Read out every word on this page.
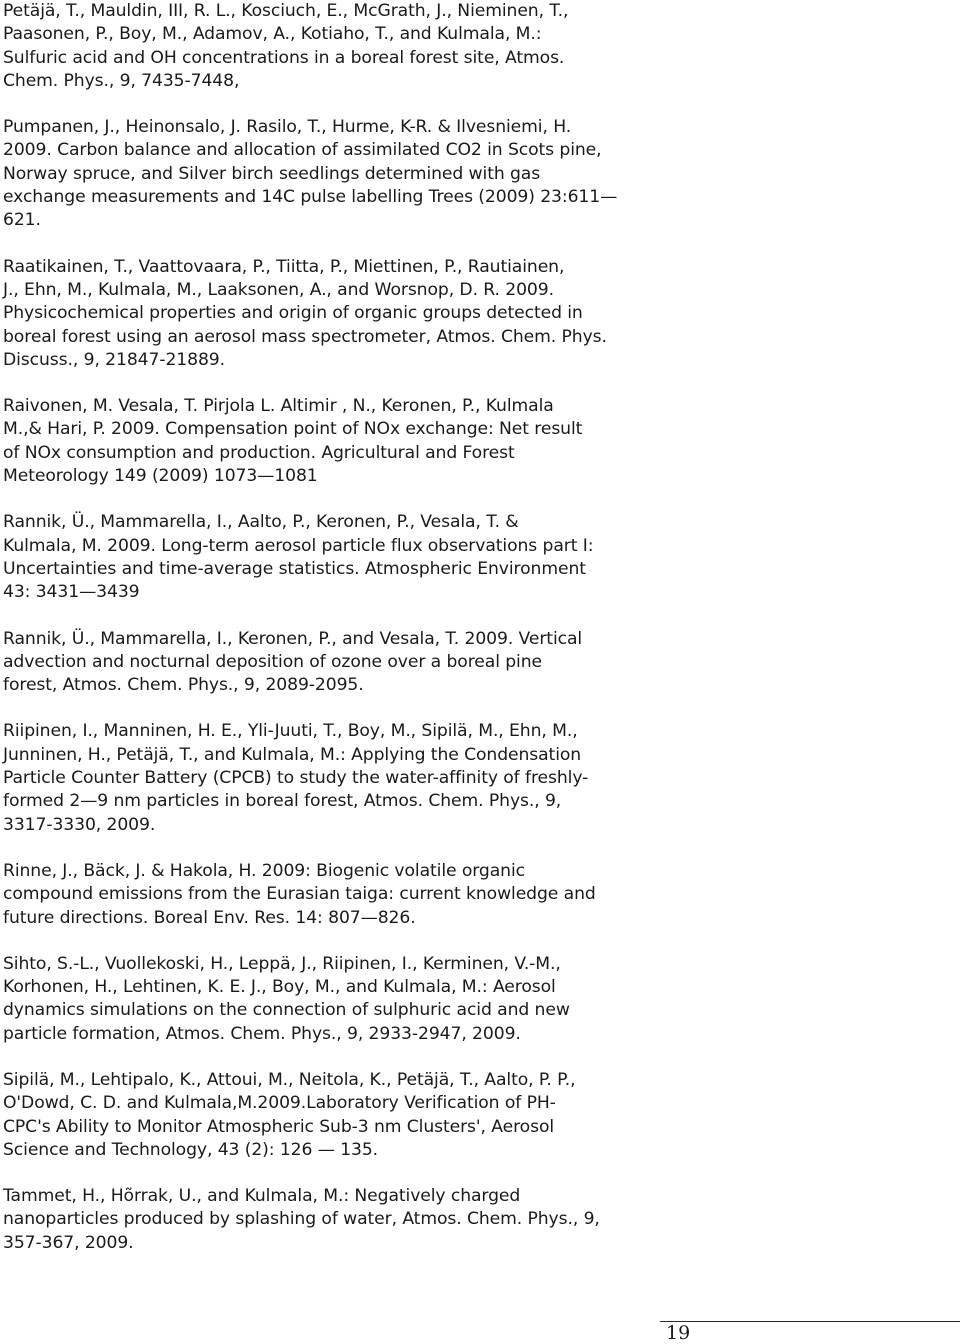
Petäjä, T., Mauldin, III, R. L., Kosciuch, E., McGrath, J., Nieminen, T.,
Paasonen, P., Boy, M., Adamov, A., Kotiaho, T., and Kulmala, M.:
Sulfuric acid and OH concentrations in a boreal forest site, Atmos.
Chem. Phys., 9, 7435-7448,
Pumpanen, J., Heinonsalo, J. Rasilo, T., Hurme, K-R. & Ilvesniemi, H.
2009. Carbon balance and allocation of assimilated CO2 in Scots pine,
Norway spruce, and Silver birch seedlings determined with gas
exchange measurements and 14C pulse labelling Trees (2009) 23:611—
621.
Raatikainen, T., Vaattovaara, P., Tiitta, P., Miettinen, P., Rautiainen,
J., Ehn, M., Kulmala, M., Laaksonen, A., and Worsnop, D. R. 2009.
Physicochemical properties and origin of organic groups detected in
boreal forest using an aerosol mass spectrometer, Atmos. Chem. Phys.
Discuss., 9, 21847-21889.
Raivonen, M. Vesala, T. Pirjola L. Altimir , N., Keronen, P., Kulmala
M.,& Hari, P. 2009. Compensation point of NOx exchange: Net result
of NOx consumption and production. Agricultural and Forest
Meteorology 149 (2009) 1073—1081
Rannik, Ü., Mammarella, I., Aalto, P., Keronen, P., Vesala, T. &
Kulmala, M. 2009. Long-term aerosol particle flux observations part I:
Uncertainties and time-average statistics. Atmospheric Environment
43: 3431—3439
Rannik, Ü., Mammarella, I., Keronen, P., and Vesala, T. 2009. Vertical
advection and nocturnal deposition of ozone over a boreal pine
forest, Atmos. Chem. Phys., 9, 2089-2095.
Riipinen, I., Manninen, H. E., Yli-Juuti, T., Boy, M., Sipilä, M., Ehn, M.,
Junninen, H., Petäjä, T., and Kulmala, M.: Applying the Condensation
Particle Counter Battery (CPCB) to study the water-affinity of freshly-
formed 2—9 nm particles in boreal forest, Atmos. Chem. Phys., 9,
3317-3330, 2009.
Rinne, J., Bäck, J. & Hakola, H. 2009: Biogenic volatile organic
compound emissions from the Eurasian taiga: current knowledge and
future directions. Boreal Env. Res. 14: 807—826.
Sihto, S.-L., Vuollekoski, H., Leppä, J., Riipinen, I., Kerminen, V.-M.,
Korhonen, H., Lehtinen, K. E. J., Boy, M., and Kulmala, M.: Aerosol
dynamics simulations on the connection of sulphuric acid and new
particle formation, Atmos. Chem. Phys., 9, 2933-2947, 2009.
Sipilä, M., Lehtipalo, K., Attoui, M., Neitola, K., Petäjä, T., Aalto, P. P.,
O'Dowd, C. D. and Kulmala,M.2009.Laboratory Verification of PH-
CPC's Ability to Monitor Atmospheric Sub-3 nm Clusters', Aerosol
Science and Technology, 43 (2): 126 — 135.
Tammet, H., Hõrrak, U., and Kulmala, M.: Negatively charged
nanoparticles produced by splashing of water, Atmos. Chem. Phys., 9,
357-367, 2009.
19
